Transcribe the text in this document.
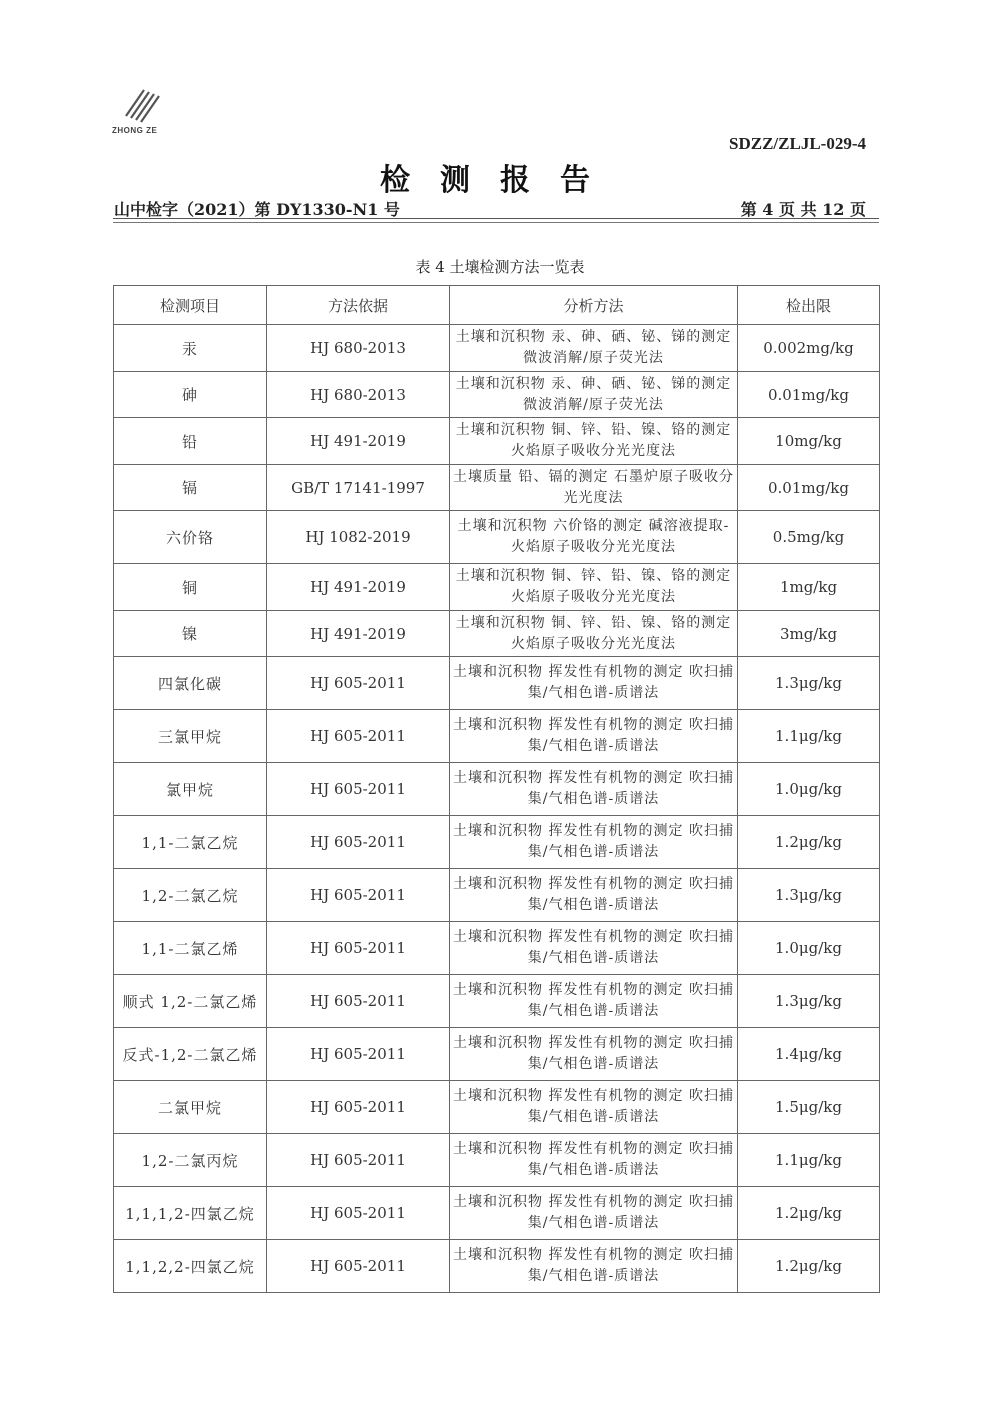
ZHONG ZE
SDZZ/ZLJL-029-4
检测报告
山中检字（2021）第 DY1330-N1 号	第 4 页 共 12 页
表 4 土壤检测方法一览表
检测项目	方法依据	分析方法	检出限
汞	HJ 680-2013	土壤和沉积物 汞、砷、硒、铋、锑的测定 微波消解/原子荧光法	0.002mg/kg
砷	HJ 680-2013	土壤和沉积物 汞、砷、硒、铋、锑的测定 微波消解/原子荧光法	0.01mg/kg
铅	HJ 491-2019	土壤和沉积物 铜、锌、铅、镍、铬的测定 火焰原子吸收分光光度法	10mg/kg
镉	GB/T 17141-1997	土壤质量 铅、镉的测定 石墨炉原子吸收分光光度法	0.01mg/kg
六价铬	HJ 1082-2019	土壤和沉积物 六价铬的测定 碱溶液提取-火焰原子吸收分光光度法	0.5mg/kg
铜	HJ 491-2019	土壤和沉积物 铜、锌、铅、镍、铬的测定 火焰原子吸收分光光度法	1mg/kg
镍	HJ 491-2019	土壤和沉积物 铜、锌、铅、镍、铬的测定 火焰原子吸收分光光度法	3mg/kg
四氯化碳	HJ 605-2011	土壤和沉积物 挥发性有机物的测定 吹扫捕集/气相色谱-质谱法	1.3μg/kg
三氯甲烷	HJ 605-2011	土壤和沉积物 挥发性有机物的测定 吹扫捕集/气相色谱-质谱法	1.1μg/kg
氯甲烷	HJ 605-2011	土壤和沉积物 挥发性有机物的测定 吹扫捕集/气相色谱-质谱法	1.0μg/kg
1,1-二氯乙烷	HJ 605-2011	土壤和沉积物 挥发性有机物的测定 吹扫捕集/气相色谱-质谱法	1.2μg/kg
1,2-二氯乙烷	HJ 605-2011	土壤和沉积物 挥发性有机物的测定 吹扫捕集/气相色谱-质谱法	1.3μg/kg
1,1-二氯乙烯	HJ 605-2011	土壤和沉积物 挥发性有机物的测定 吹扫捕集/气相色谱-质谱法	1.0μg/kg
顺式 1,2-二氯乙烯	HJ 605-2011	土壤和沉积物 挥发性有机物的测定 吹扫捕集/气相色谱-质谱法	1.3μg/kg
反式-1,2-二氯乙烯	HJ 605-2011	土壤和沉积物 挥发性有机物的测定 吹扫捕集/气相色谱-质谱法	1.4μg/kg
二氯甲烷	HJ 605-2011	土壤和沉积物 挥发性有机物的测定 吹扫捕集/气相色谱-质谱法	1.5μg/kg
1,2-二氯丙烷	HJ 605-2011	土壤和沉积物 挥发性有机物的测定 吹扫捕集/气相色谱-质谱法	1.1μg/kg
1,1,1,2-四氯乙烷	HJ 605-2011	土壤和沉积物 挥发性有机物的测定 吹扫捕集/气相色谱-质谱法	1.2μg/kg
1,1,2,2-四氯乙烷	HJ 605-2011	土壤和沉积物 挥发性有机物的测定 吹扫捕集/气相色谱-质谱法	1.2μg/kg
